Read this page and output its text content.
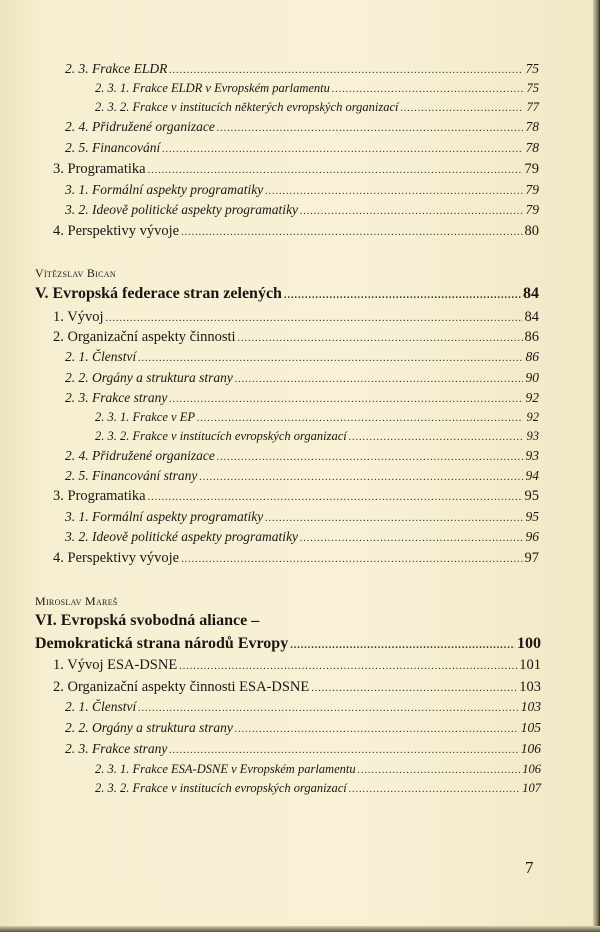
2. 3. Frakce ELDR .....	75
2. 3. 1. Frakce ELDR v Evropském parlamentu .....	75
2. 3. 2. Frakce v institucích některých evropských organizací .....	77
2. 4. Přidružené organizace .....	78
2. 5. Financování .....	78
3. Programatika .....	79
3. 1. Formální aspekty programatiky .....	79
3. 2. Ideově politické aspekty programatiky .....	79
4. Perspektivy vývoje .....	80
Vítězslav Bican
V. Evropská federace stran zelených .....	84
1. Vývoj .....	84
2. Organizační aspekty činnosti .....	86
2. 1. Členství .....	86
2. 2. Orgány a struktura strany .....	90
2. 3. Frakce strany .....	92
2. 3. 1. Frakce v EP .....	92
2. 3. 2. Frakce v institucích evropských organizací .....	93
2. 4. Přidružené organizace .....	93
2. 5. Financování strany .....	94
3. Programatika .....	95
3. 1. Formální aspekty programatiky .....	95
3. 2. Ideově politické aspekty programatiky .....	96
4. Perspektivy vývoje .....	97
Miroslav Mareš
VI. Evropská svobodná aliance –
Demokratická strana národů Evropy .....	100
1. Vývoj ESA-DSNE .....	101
2. Organizační aspekty činnosti ESA-DSNE .....	103
2. 1. Členství .....	103
2. 2. Orgány a struktura strany .....	105
2. 3. Frakce strany .....	106
2. 3. 1. Frakce ESA-DSNE v Evropském parlamentu .....	106
2. 3. 2. Frakce v institucích evropských organizací .....	107
7
